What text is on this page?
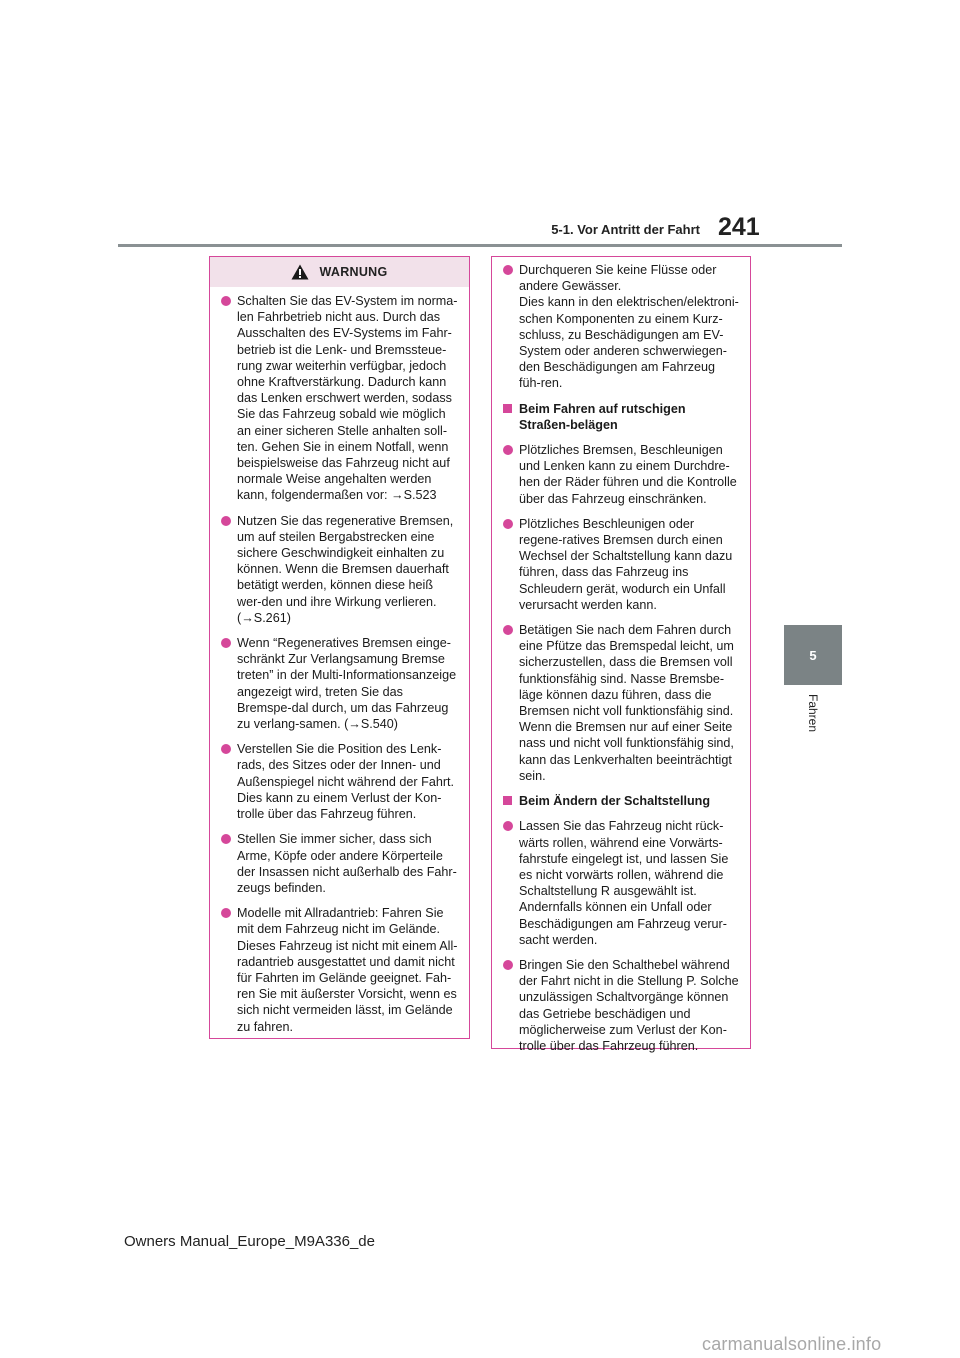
5-1. Vor Antritt der Fahrt 241
5
Fahren
WARNUNG
Schalten Sie das EV-System im norma-len Fahrbetrieb nicht aus. Durch das Ausschalten des EV-Systems im Fahr-betrieb ist die Lenk- und Bremssteue-rung zwar weiterhin verfügbar, jedoch ohne Kraftverstärkung. Dadurch kann das Lenken erschwert werden, sodass Sie das Fahrzeug sobald wie möglich an einer sicheren Stelle anhalten soll-ten. Gehen Sie in einem Notfall, wenn beispielsweise das Fahrzeug nicht auf normale Weise angehalten werden kann, folgendermaßen vor: →S.523
Nutzen Sie das regenerative Bremsen, um auf steilen Bergabstrecken eine sichere Geschwindigkeit einhalten zu können. Wenn die Bremsen dauerhaft betätigt werden, können diese heiß wer-den und ihre Wirkung verlieren. (→S.261)
Wenn “Regeneratives Bremsen einge-schränkt Zur Verlangsamung Bremse treten” in der Multi-Informationsanzeige angezeigt wird, treten Sie das Bremspe-dal durch, um das Fahrzeug zu verlang-samen. (→S.540)
Verstellen Sie die Position des Lenk-rads, des Sitzes oder der Innen- und Außenspiegel nicht während der Fahrt. Dies kann zu einem Verlust der Kon-trolle über das Fahrzeug führen.
Stellen Sie immer sicher, dass sich Arme, Köpfe oder andere Körperteile der Insassen nicht außerhalb des Fahr-zeugs befinden.
Modelle mit Allradantrieb: Fahren Sie mit dem Fahrzeug nicht im Gelände. Dieses Fahrzeug ist nicht mit einem All-radantrieb ausgestattet und damit nicht für Fahrten im Gelände geeignet. Fah-ren Sie mit äußerster Vorsicht, wenn es sich nicht vermeiden lässt, im Gelände zu fahren.
Durchqueren Sie keine Flüsse oder andere Gewässer.
Dies kann in den elektrischen/elektroni-schen Komponenten zu einem Kurz-schluss, zu Beschädigungen am EV-System oder anderen schwerwiegen-den Beschädigungen am Fahrzeug füh-ren.
Beim Fahren auf rutschigen Straßen-belägen
Plötzliches Bremsen, Beschleunigen und Lenken kann zu einem Durchdre-hen der Räder führen und die Kontrolle über das Fahrzeug einschränken.
Plötzliches Beschleunigen oder regene-ratives Bremsen durch einen Wechsel der Schaltstellung kann dazu führen, dass das Fahrzeug ins Schleudern gerät, wodurch ein Unfall verursacht werden kann.
Betätigen Sie nach dem Fahren durch eine Pfütze das Bremspedal leicht, um sicherzustellen, dass die Bremsen voll funktionsfähig sind. Nasse Bremsbe-läge können dazu führen, dass die Bremsen nicht voll funktionsfähig sind. Wenn die Bremsen nur auf einer Seite nass und nicht voll funktionsfähig sind, kann das Lenkverhalten beeinträchtigt sein.
Beim Ändern der Schaltstellung
Lassen Sie das Fahrzeug nicht rück-wärts rollen, während eine Vorwärts-fahrstufe eingelegt ist, und lassen Sie es nicht vorwärts rollen, während die Schaltstellung R ausgewählt ist. Andernfalls können ein Unfall oder Beschädigungen am Fahrzeug verur-sacht werden.
Bringen Sie den Schalthebel während der Fahrt nicht in die Stellung P. Solche unzulässigen Schaltvorgänge können das Getriebe beschädigen und möglicherweise zum Verlust der Kon-trolle über das Fahrzeug führen.
Owners Manual_Europe_M9A336_de
carmanualsonline.info
